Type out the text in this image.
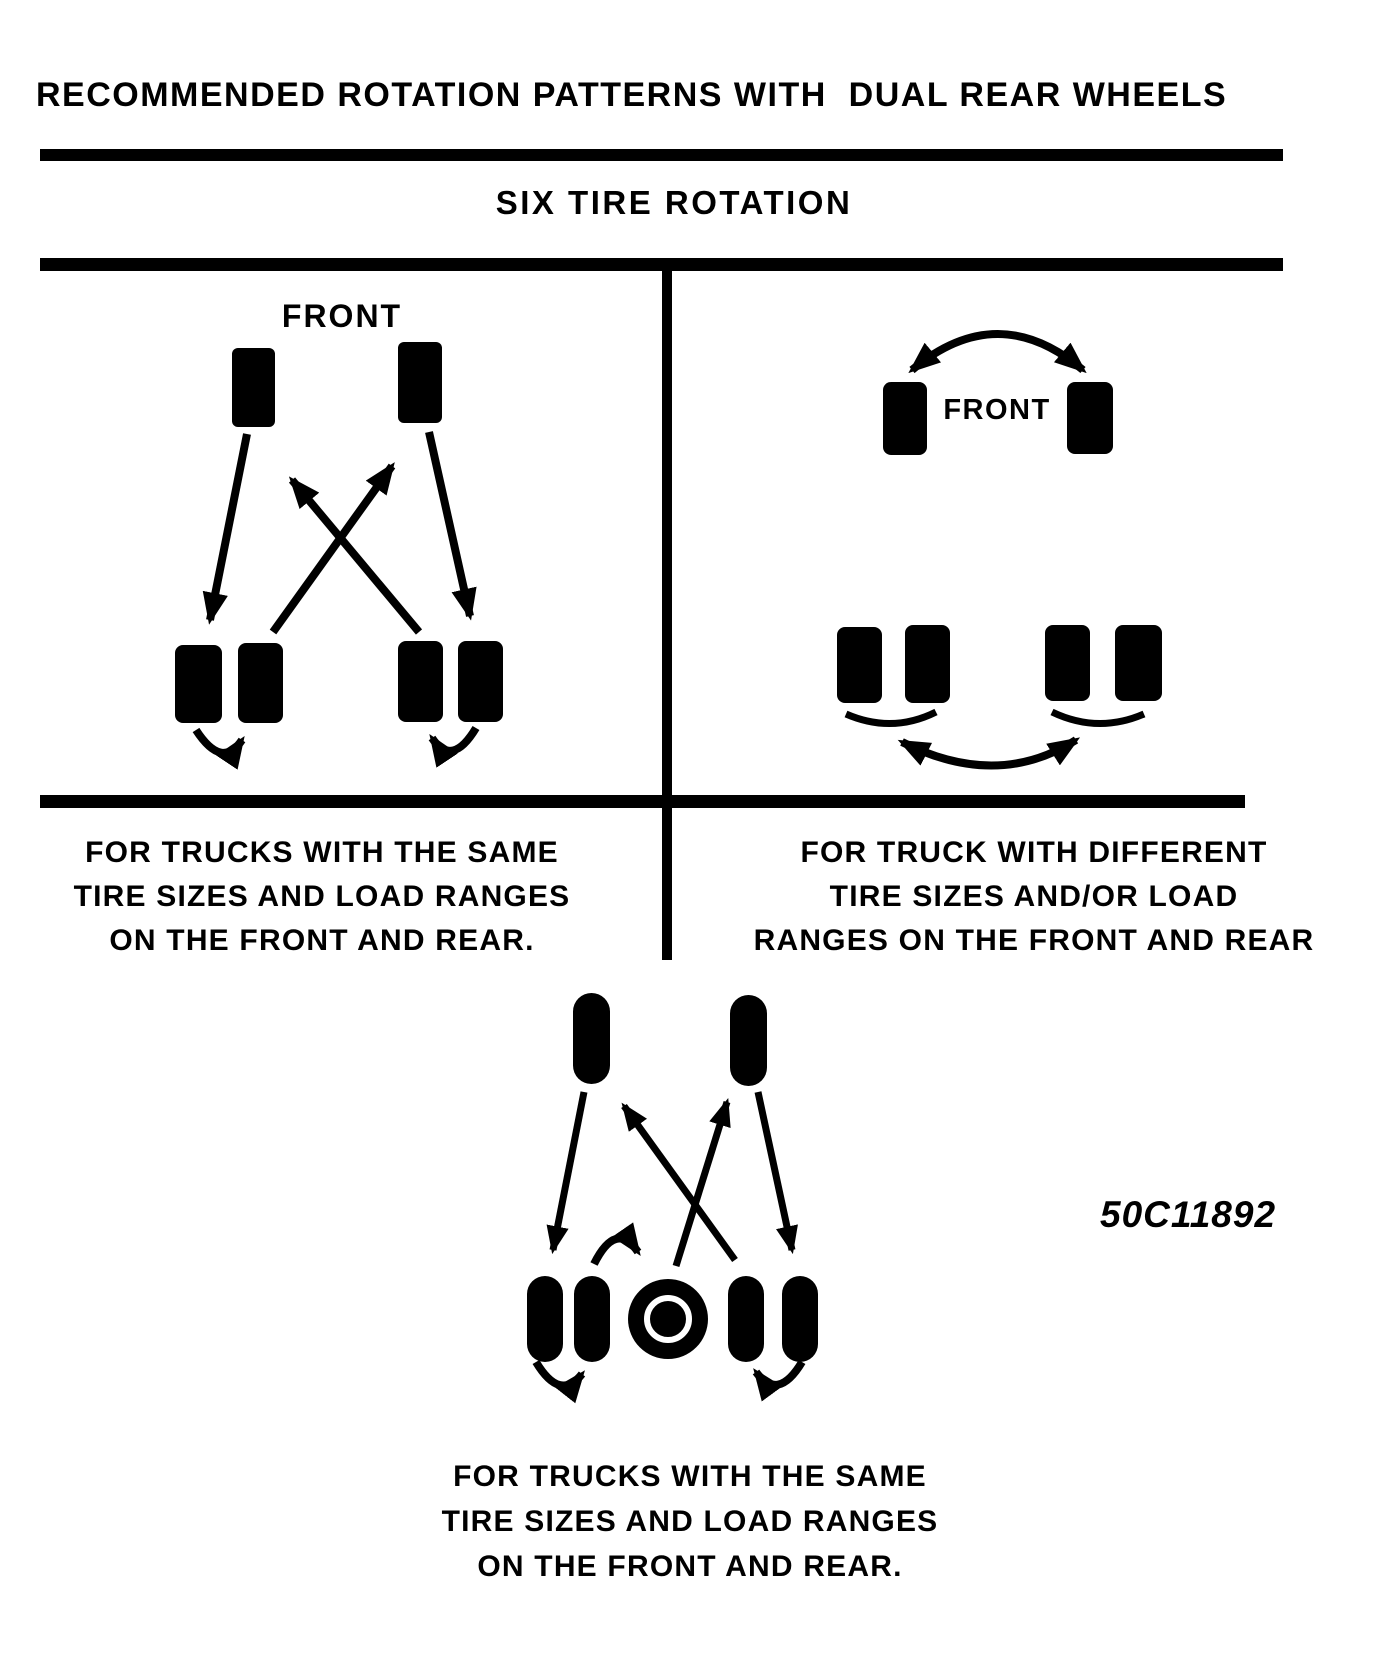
RECOMMENDED ROTATION PATTERNS WITH  DUAL REAR WHEELS
SIX TIRE ROTATION
FRONT
FRONT
FOR TRUCKS WITH THE SAME
TIRE SIZES AND LOAD RANGES
ON THE FRONT AND REAR.
FOR TRUCK WITH DIFFERENT
TIRE SIZES AND/OR LOAD
RANGES ON THE FRONT AND REAR
FOR TRUCKS WITH THE SAME
TIRE SIZES AND LOAD RANGES
ON THE FRONT AND REAR.
50C11892
